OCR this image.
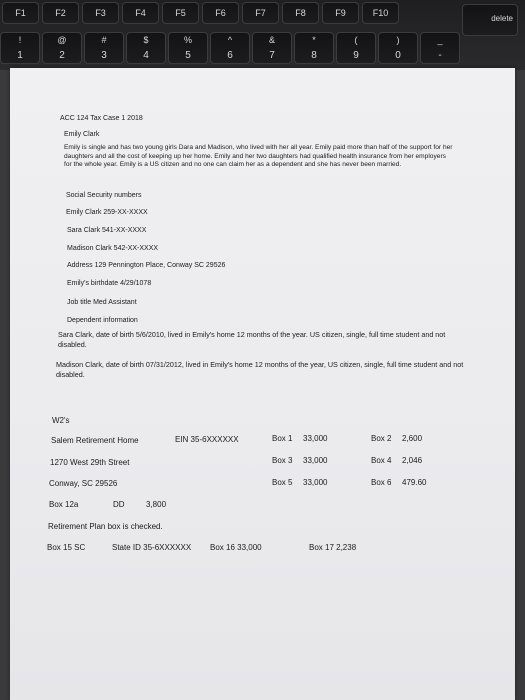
F1	F2	F3	F4	F5	F6	F7	F8	F9	F10
!
1
@
2
#
3
$
4
%
5
^
6
&
7
*
8
(
9
)
0
_
-
delete
ACC 124 Tax Case 1 2018
Emily Clark
Emily is single and has two young girls Dara and Madison, who lived with her all year. Emily paid more than half of the support for her daughters and all the cost of keeping up her home. Emily and her two daughters had qualified health insurance from her employers for the whole year. Emily is a US citizen and no one can claim her as a dependent and she has never been married.
Social Security numbers
Emily Clark 259-XX-XXXX
Sara Clark 541-XX-XXXX
Madison Clark 542-XX-XXXX
Address 129 Pennington Place, Conway SC 29526
Emily's birthdate 4/29/1078
Job title Med Assistant
Dependent information
Sara Clark, date of birth 5/6/2010, lived in Emily's home 12 months of the year. US citizen, single, full time student and not disabled.
Madison Clark, date of birth 07/31/2012, lived in Emily's home 12 months of the year, US citizen, single, full time student and not disabled.
W2's
Salem Retirement Home	EIN 35-6XXXXXX	Box 1 33,000	Box 2 2,600
1270 West 29th Street	Box 3 33,000	Box 4 2,046
Conway, SC 29526	Box 5 33,000	Box 6 479.60
Box 12a	DD	3,800
Retirement Plan box is checked.
Box 15 SC	State ID 35-6XXXXXX Box 16 33,000	Box 17 2,238
